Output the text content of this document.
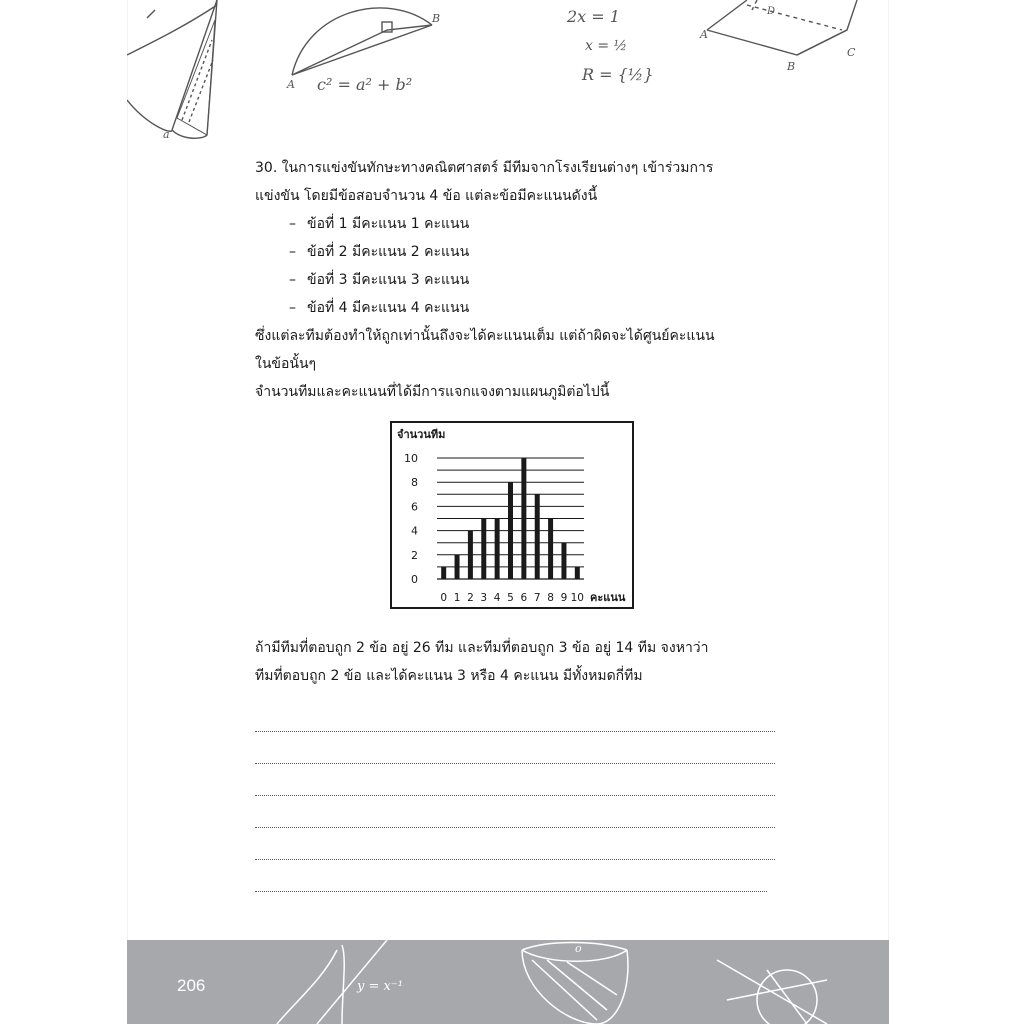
A
B
c² = a² + b²
2x = 1
x = ½
R = {½}
A
B
C
D
a

30. ในการแข่งขันทักษะทางคณิตศาสตร์ มีทีมจากโรงเรียนต่างๆ เข้าร่วมการ

แข่งขัน โดยมีข้อสอบจำนวน 4 ข้อ แต่ละข้อมีคะแนนดังนี้

– ข้อที่ 1 มีคะแนน 1 คะแนน

– ข้อที่ 2 มีคะแนน 2 คะแนน

– ข้อที่ 3 มีคะแนน 3 คะแนน

– ข้อที่ 4 มีคะแนน 4 คะแนน

ซึ่งแต่ละทีมต้องทำให้ถูกเท่านั้นถึงจะได้คะแนนเต็ม แต่ถ้าผิดจะได้ศูนย์คะแนน

ในข้อนั้นๆ

จำนวนทีมและคะแนนที่ได้มีการแจกแจงตามแผนภูมิต่อไปนี้

จำนวนทีม
0
2
4
6
8
10
0 1 2 3 4 5 6 7 8 9 10 คะแนน

ถ้ามีทีมที่ตอบถูก 2 ข้อ อยู่ 26 ทีม และทีมที่ตอบถูก 3 ข้อ อยู่ 14 ทีม จงหาว่า

ทีมที่ตอบถูก 2 ข้อ และได้คะแนน 3 หรือ 4 คะแนน มีทั้งหมดกี่ทีม

y = x⁻¹
o
206
